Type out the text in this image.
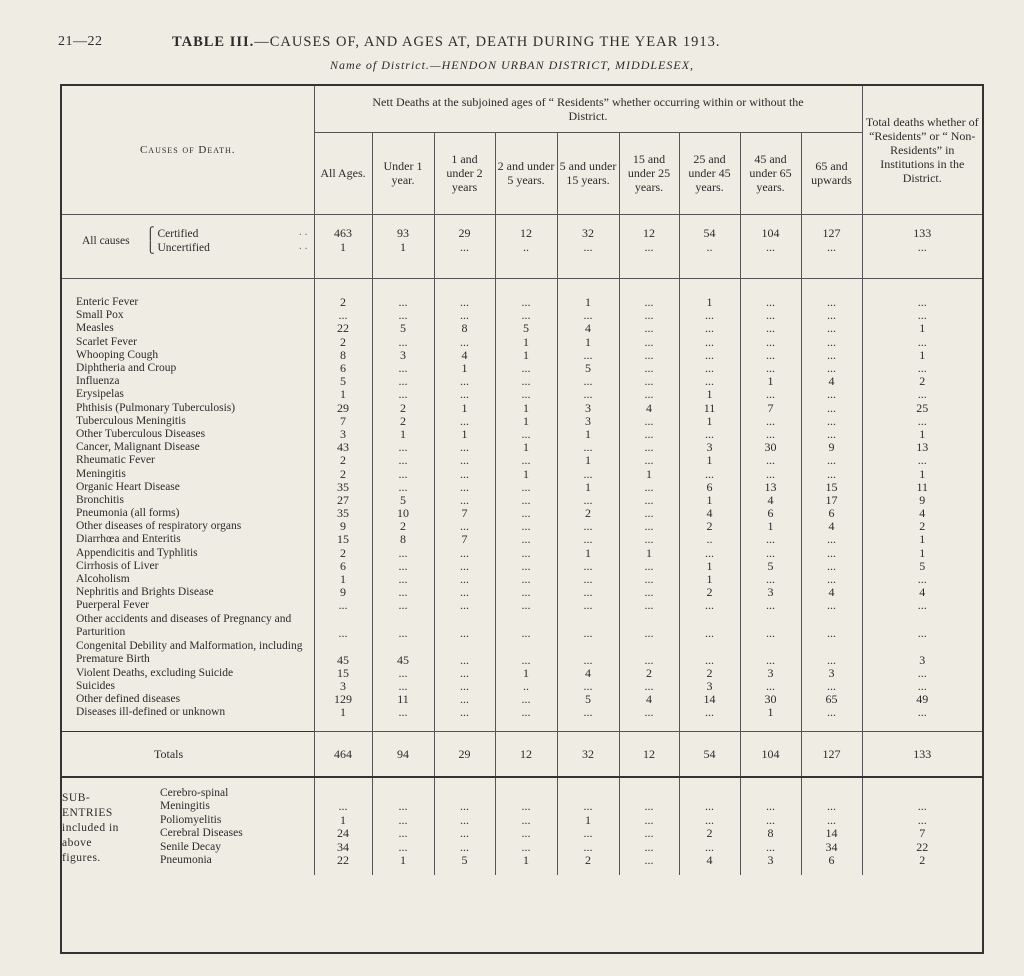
21—22	TABLE III.—CAUSES OF, AND AGES AT, DEATH DURING THE YEAR 1913.
Name of District.—HENDON URBAN DISTRICT, MIDDLESEX,
Causes of Death.	Nett Deaths at the subjoined ages of “ Residents” whether occurring within or without the District.									Total deaths whether of “Residents” or “ Non-Residents” in Institutions in the District.
	All Ages.	Under 1 year.	1 and under 2 years	2 and under 5 years.	5 and under 15 years.	15 and under 25 years.	25 and under 45 years.	45 and under 65 years.	65 and upwards	

⎧ Certified . .	463	93	29	12	32	12	54	104	127	133
All causes⎩ Uncertified . .	1	1	...	..	...	...	..	...	...	...

Enteric Fever	2	...	...	...	1	...	1	...	...	...
Small Pox	...	...	...	...	...	...	...	...	...	...
Measles	22	5	8	5	4	...	...	...	...	1
Scarlet Fever	2	...	...	1	1	...	...	...	...	...
Whooping Cough	8	3	4	1	...	...	...	...	...	1
Diphtheria and Croup	6	...	1	...	5	...	...	...	...	...
Influenza	5	...	...	...	...	...	...	1	4	2
Erysipelas	1	...	...	...	...	...	1	...	...	...
Phthisis (Pulmonary Tuberculosis)	29	2	1	1	3	4	11	7	...	25
Tuberculous Meningitis	7	2	...	1	3	...	1	...	...	...
Other Tuberculous Diseases	3	1	1	...	1	...	...	...	...	1
Cancer, Malignant Disease	43	...	...	1	...	...	3	30	9	13
Rheumatic Fever	2	...	...	...	1	...	1	...	...	...
Meningitis	2	...	...	1	...	1	...	...	...	1
Organic Heart Disease	35	...	...	...	1	...	6	13	15	11
Bronchitis	27	5	...	...	...	...	1	4	17	9
Pneumonia (all forms)	35	10	7	...	2	...	4	6	6	4
Other diseases of respiratory organs	9	2	...	...	...	...	2	1	4	2
Diarrhœa and Enteritis	15	8	7	...	...	...	..	...	...	1
Appendicitis and Typhlitis	2	...	...	...	1	1	...	...	...	1
Cirrhosis of Liver	6	...	...	...	...	...	1	5	...	5
Alcoholism	1	...	...	...	...	...	1	...	...	...
Nephritis and Brights Disease	9	...	...	...	...	...	2	3	4	4
Puerperal Fever	...	...	...	...	...	...	...	...	...	...
Other accidents and diseases of Pregnancy and Parturition	...	...	...	...	...	...	...	...	...	...
Congenital Debility and Malformation, including Premature Birth	45	45	...	...	...	...	...	...	...	3
Violent Deaths, excluding Suicide	15	...	...	1	4	2	2	3	3	...
Suicides	3	...	...	..	...	...	3	...	...	...
Other defined diseases	129	11	...	...	5	4	14	30	65	49
Diseases ill-defined or unknown	1	...	...	...	...	...	...	1	...	...

Totals	464	94	29	12	32	12	54	104	127	133

SUB-ENTRIES included in above figures.
Cerebro-spinal Meningitis	...	...	...	...	...	...	...	...	...	...
Poliomyelitis	1	...	...	...	1	...	...	...	...	...
Cerebral Diseases	24	...	...	...	...	...	2	8	14	7
Senile Decay	34	...	...	...	...	...	...	...	34	22
Pneumonia	22	1	5	1	2	...	4	3	6	2
